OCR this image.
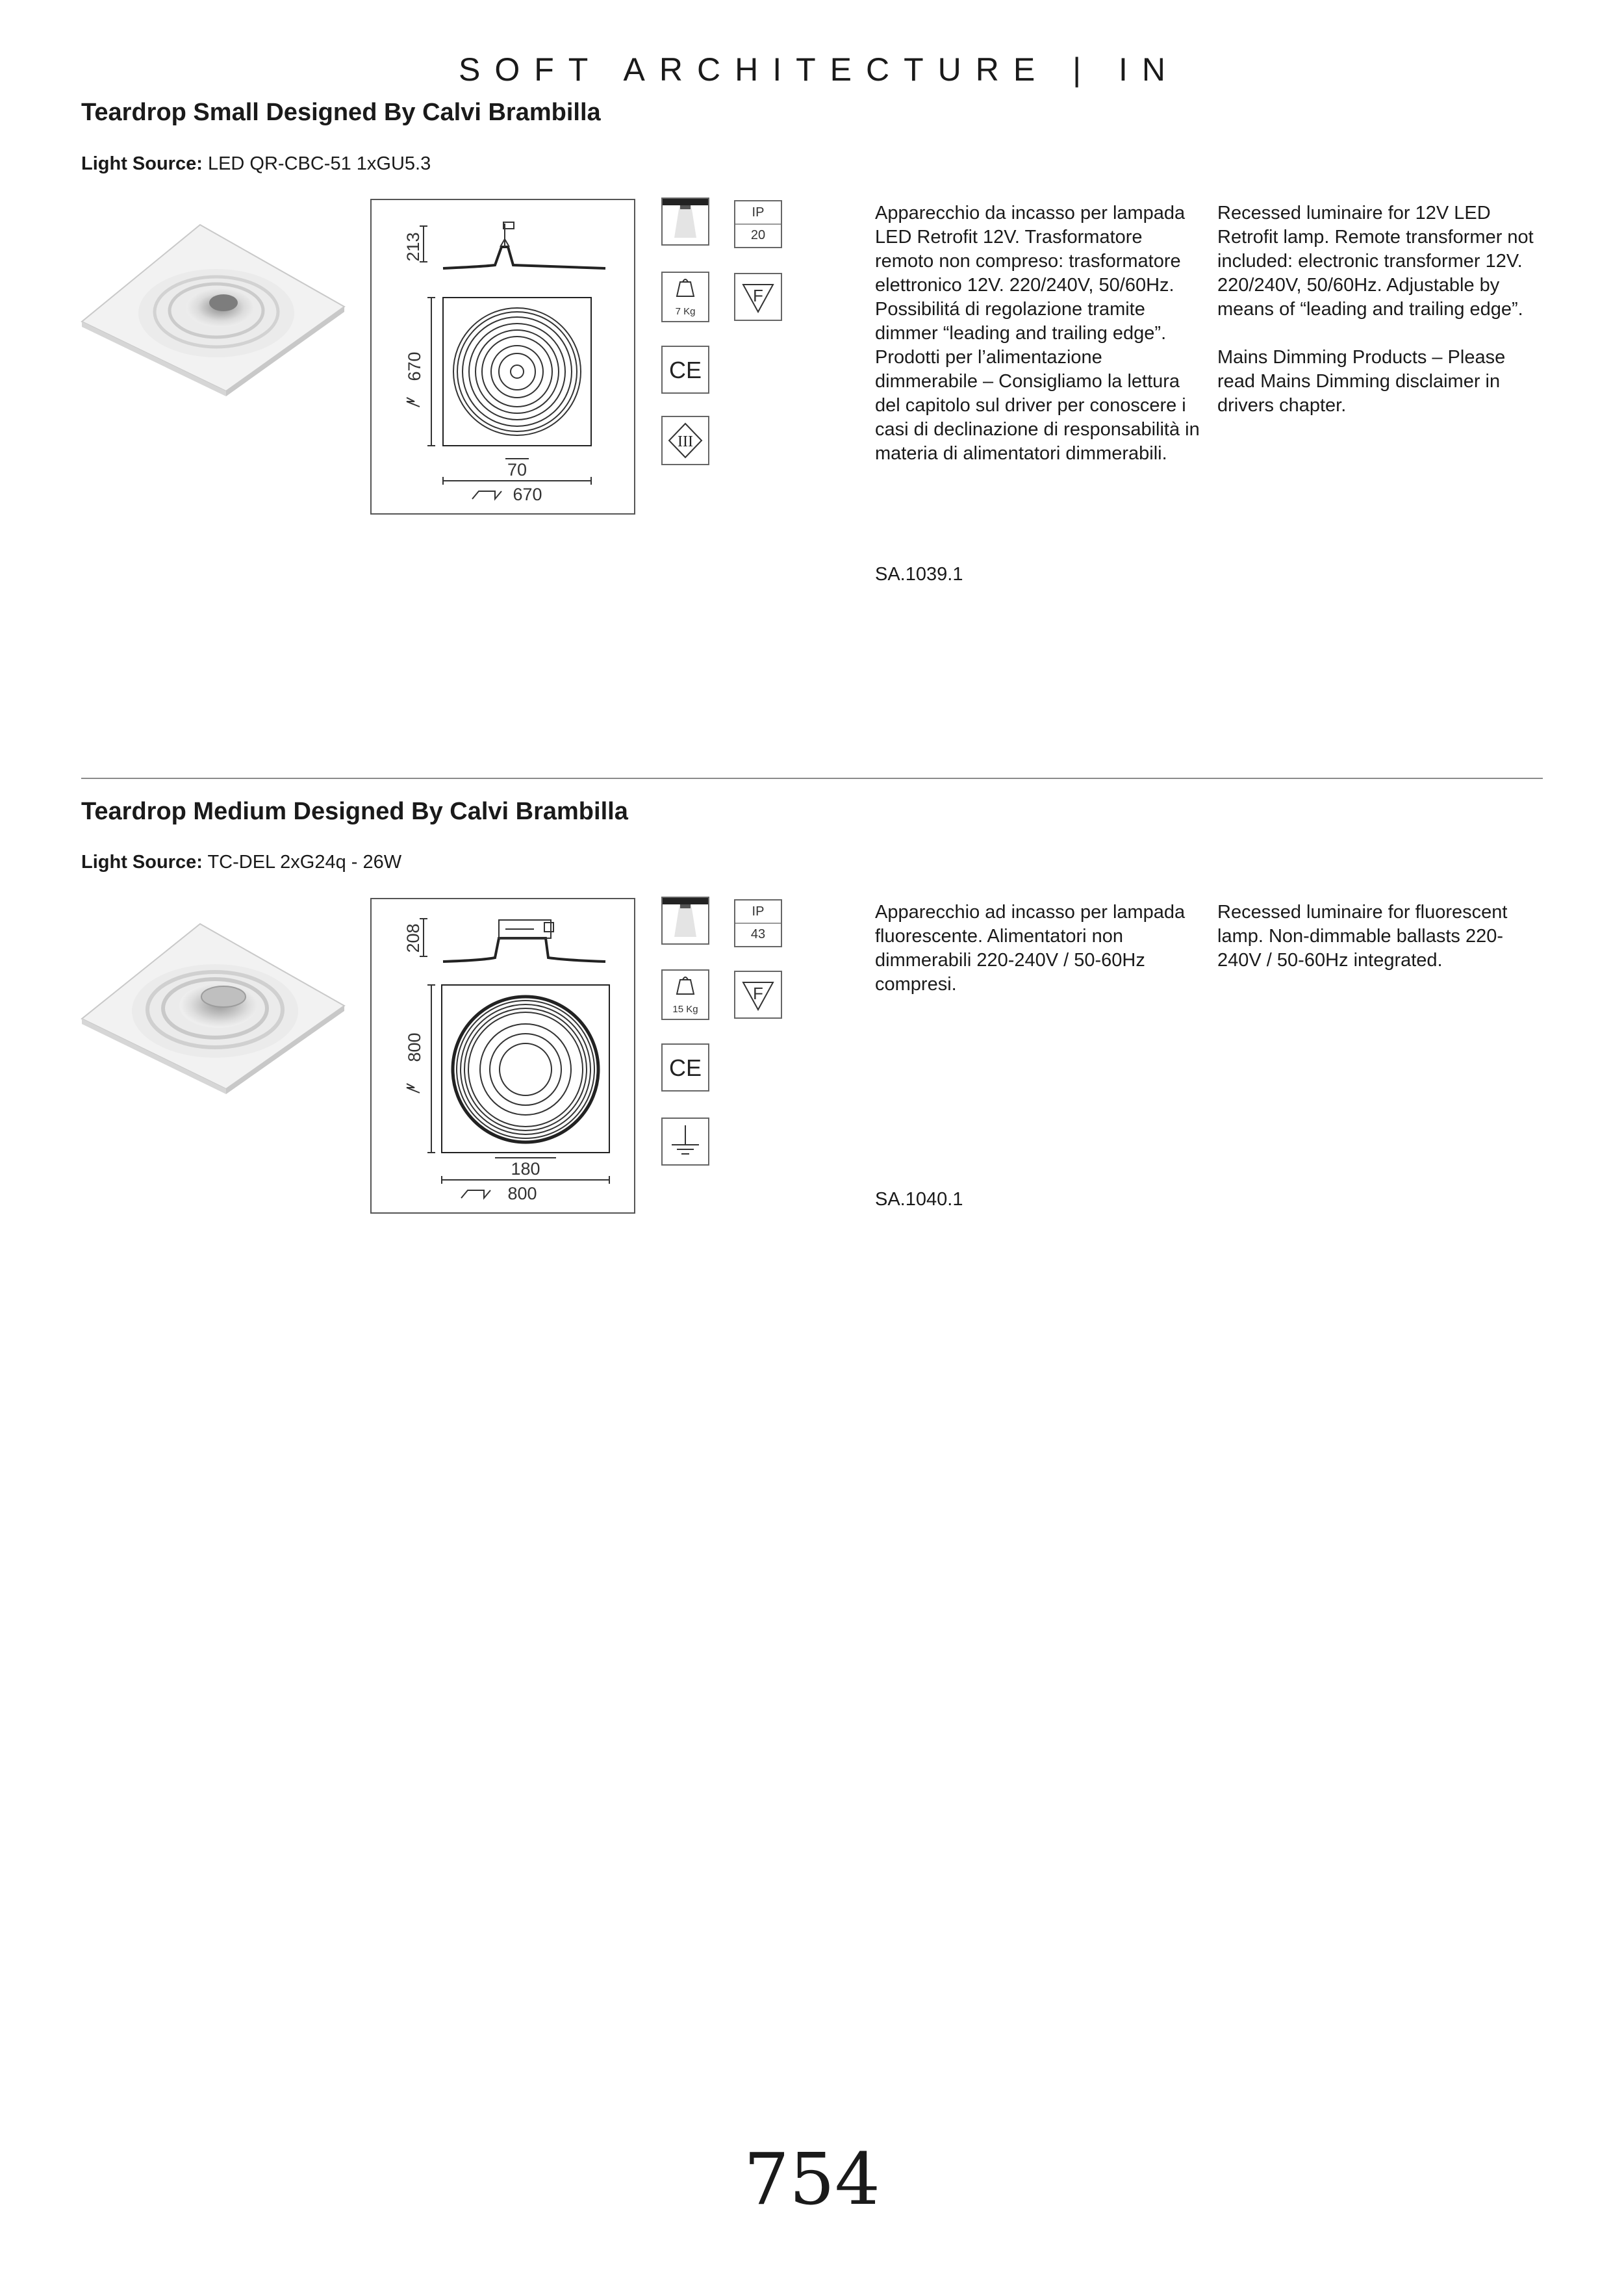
SOFT ARCHITECTURE | IN
Teardrop Small Designed By Calvi Brambilla
Light Source: LED QR-CBC-51 1xGU5.3
213
670
70
670
IP
20
7 Kg
F
CE
III

Apparecchio da incasso per lampada LED Retrofit 12V. Trasformatore remoto non compreso: trasformatore elettronico 12V. 220/240V, 50/60Hz. Possibilitá di regolazione tramite dimmer “leading and trailing edge”. Prodotti per l’alimentazione dimmerabile – Consigliamo la lettura del capitolo sul driver per conoscere i casi di declinazione di responsabilità in materia di alimentatori dimmerabili.

Recessed luminaire for 12V LED Retrofit lamp. Remote transformer not included: electronic transformer 12V. 220/240V, 50/60Hz. Adjustable by means of “leading and trailing edge”.

Mains Dimming Products – Please read Mains Dimming disclaimer in drivers chapter.

SA.1039.1
Teardrop Medium Designed By Calvi Brambilla
Light Source: TC-DEL 2xG24q - 26W
208
800
180
800
IP
43
15 Kg
F
CE

Apparecchio ad incasso per lampada fluorescente. Alimentatori non dimmerabili 220-240V / 50-60Hz compresi.

Recessed luminaire for fluorescent lamp. Non-dimmable ballasts 220-240V / 50-60Hz integrated.

SA.1040.1
754
